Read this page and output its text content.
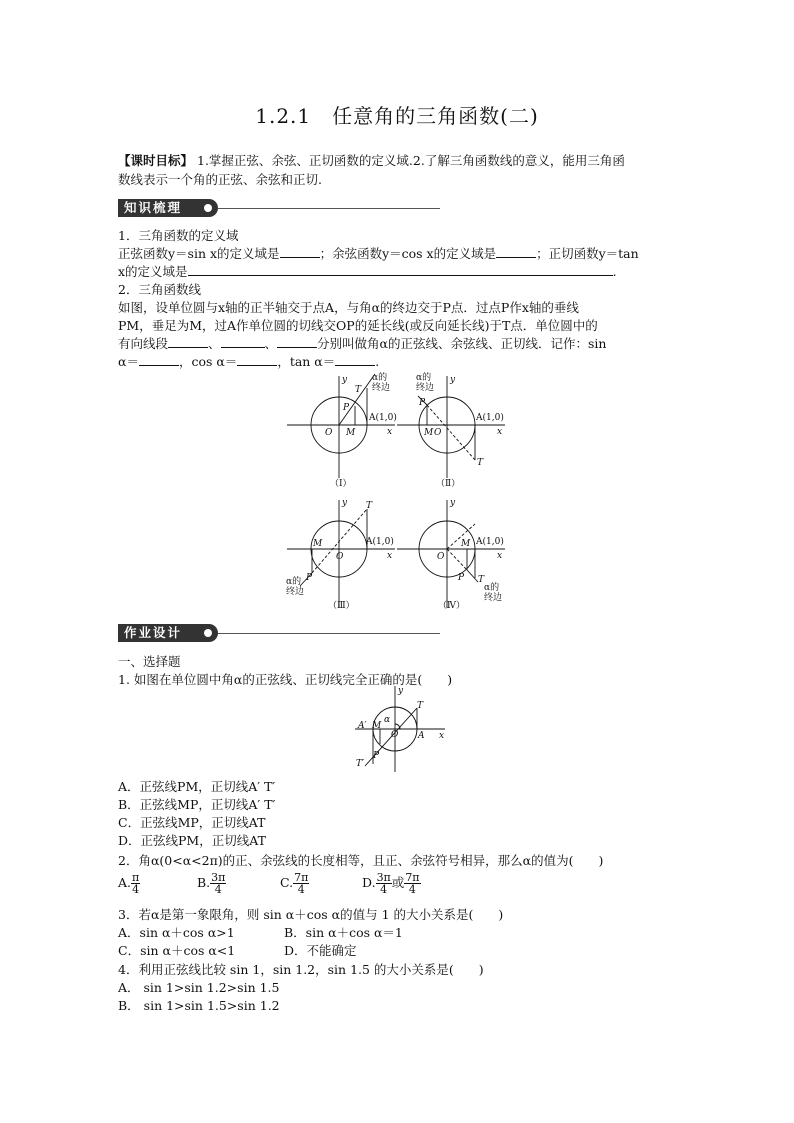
1.2.1　任意角的三角函数(二)
【课时目标】 1.掌握正弦、余弦、正切函数的定义域.2.了解三角函数线的意义，能用三角函
数线表示一个角的正弦、余弦和正切.
知识梳理
1．三角函数的定义域
正弦函数y＝sin x的定义域是	；余弦函数y＝cos x的定义域是	；正切函数y＝tan
x的定义域是	.
2．三角函数线
如图，设单位圆与x轴的正半轴交于点A，与角α的终边交于P点．过点P作x轴的垂线
PM，垂足为M，过A作单位圆的切线交OP的延长线(或反向延长线)于T点．单位圆中的
有向线段	、	、	分别叫做角α的正弦线、余弦线、正切线．记作：sin
α＝	，cos α＝	，tan α＝	.
y
x
O M
P
T
A(1,0)
α的
终边
（Ⅰ）
y
x
O
M
P
T
A(1,0)
α的
终边
（Ⅱ）
y
x
O
M
P
T
A(1,0)
α的
终边
（Ⅲ）
y
x
O
M
P T
A(1,0)
α的
终边
（Ⅳ）
作业设计
一、选择题
1. 如图在单位圆中角α的正弦线、正切线完全正确的是(　　)
y
x
T
A′ M
O A
T′
P
α
A．正弦线PM，正切线A′ T′
B．正弦线MP，正切线A′ T′
C．正弦线MP，正切线AT
D．正弦线PM，正切线AT
2．角α(0<α<2π)的正、余弦线的长度相等，且正、余弦符号相异，那么α的值为(　　)
A. $\frac{\pi}{4}$	B. $\frac{3\pi}{4}$	C. $\frac{7\pi}{4}$	D. $\frac{3\pi}{4}$ 或 $\frac{7\pi}{4}$
3．若α是第一象限角，则 sin α＋cos α的值与 1 的大小关系是(　　)
A．sin α＋cos α>1	B．sin α＋cos α＝1
C．sin α＋cos α<1	D．不能确定
4．利用正弦线比较 sin 1，sin 1.2，sin 1.5 的大小关系是(　　)
A． sin 1>sin 1.2>sin 1.5
B． sin 1>sin 1.5>sin 1.2
